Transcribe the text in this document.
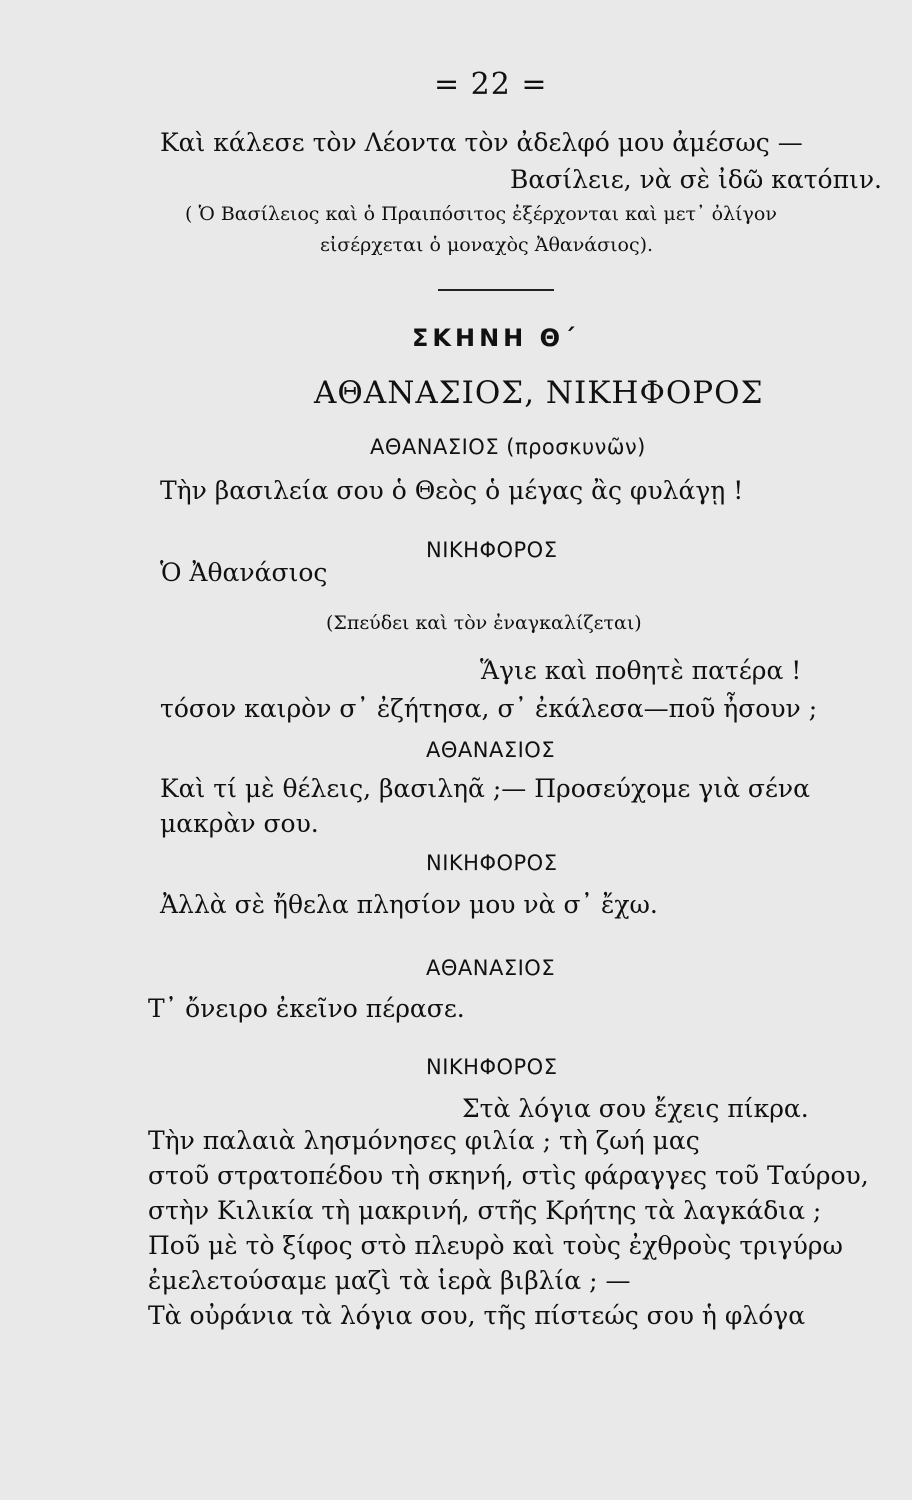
= 22 =
Καὶ κάλεσε τὸν Λέοντα τὸν ἀδελφό μου ἀμέσως —
Βασίλειε, νὰ σὲ ἰδῶ κατόπιν.
( Ὁ Βασίλειος καὶ ὁ Πραιπόσιτος ἐξέρχονται καὶ μετ᾽ ὀλίγον
εἰσέρχεται ὁ μοναχὸς Ἀθανάσιος).
ΣΚΗΝΗ Θ΄
ΑΘΑΝΑΣΙΟΣ, ΝΙΚΗΦΟΡΟΣ
ΑΘΑΝΑΣΙΟΣ (προσκυνῶν)
Τὴν βασιλεία σου ὁ Θεὸς ὁ μέγας ἂς φυλάγῃ !
ΝΙΚΗΦΟΡΟΣ
Ὁ Ἀθανάσιος
(Σπεύδει καὶ τὸν ἐναγκαλίζεται)
Ἅγιε καὶ ποθητὲ πατέρα !
τόσον καιρὸν σ᾽ ἐζήτησα, σ᾽ ἐκάλεσα—ποῦ ἦσουν ;
ΑΘΑΝΑΣΙΟΣ
Καὶ τί μὲ θέλεις, βασιληᾶ ;— Προσεύχομε γιὰ σένα
μακρὰν σου.
ΝΙΚΗΦΟΡΟΣ
Ἀλλὰ σὲ ἤθελα πλησίον μου νὰ σ᾽ ἔχω.
ΑΘΑΝΑΣΙΟΣ
Τ᾽ ὄνειρο ἐκεῖνο πέρασε.
ΝΙΚΗΦΟΡΟΣ
Στὰ λόγια σου ἔχεις πίκρα.
Τὴν παλαιὰ λησμόνησες φιλία ; τὴ ζωή μας
στοῦ στρατοπέδου τὴ σκηνή, στὶς φάραγγες τοῦ Ταύρου,
στὴν Κιλικία τὴ μακρινή, στῆς Κρήτης τὰ λαγκάδια ;
Ποῦ μὲ τὸ ξίφος στὸ πλευρὸ καὶ τοὺς ἐχθροὺς τριγύρω
ἐμελετούσαμε μαζὶ τὰ ἱερὰ βιβλία ; —
Τὰ οὐράνια τὰ λόγια σου, τῆς πίστεώς σου ἡ φλόγα
